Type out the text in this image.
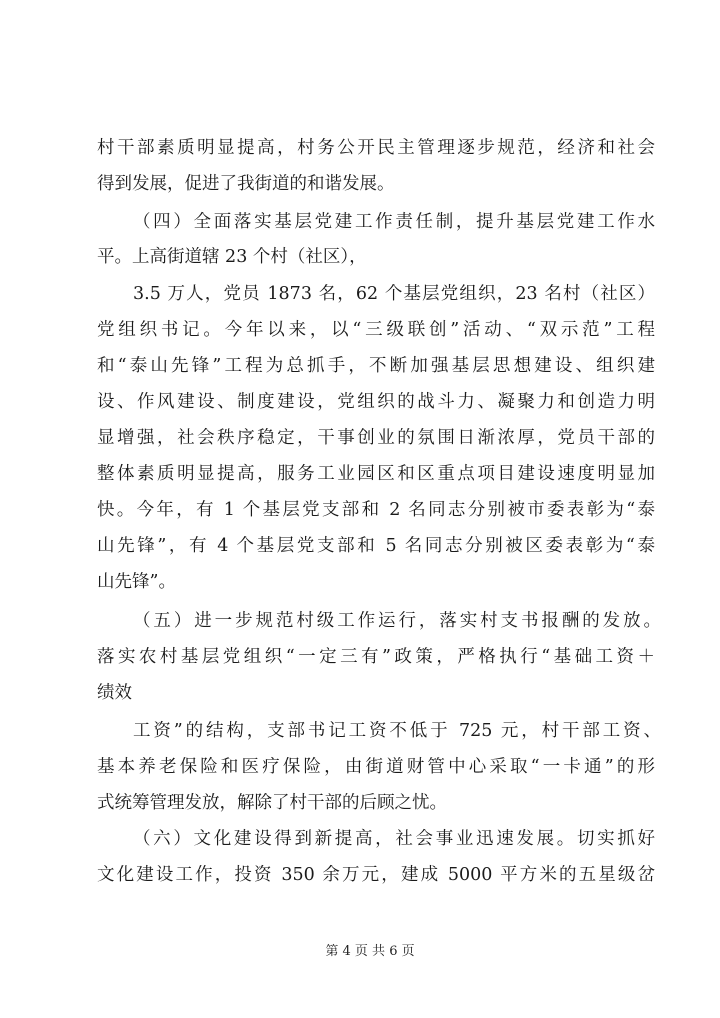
村干部素质明显提高，村务公开民主管理逐步规范，经济和社会
得到发展，促进了我街道的和谐发展。
（四）全面落实基层党建工作责任制，提升基层党建工作水
平。上高街道辖 23 个村（社区），
3.5 万人，党员 1873 名，62 个基层党组织，23 名村（社区）
党组织书记。今年以来，以“三级联创”活动、“双示范”工程
和“泰山先锋”工程为总抓手，不断加强基层思想建设、组织建
设、作风建设、制度建设，党组织的战斗力、凝聚力和创造力明
显增强，社会秩序稳定，干事创业的氛围日渐浓厚，党员干部的
整体素质明显提高，服务工业园区和区重点项目建设速度明显加
快。今年，有 1 个基层党支部和 2 名同志分别被市委表彰为“泰
山先锋”，有 4 个基层党支部和 5 名同志分别被区委表彰为“泰
山先锋”。
（五）进一步规范村级工作运行，落实村支书报酬的发放。
落实农村基层党组织“一定三有”政策，严格执行“基础工资＋
绩效
工资”的结构，支部书记工资不低于 725 元，村干部工资、
基本养老保险和医疗保险，由街道财管中心采取“一卡通”的形
式统筹管理发放，解除了村干部的后顾之忧。
（六）文化建设得到新提高，社会事业迅速发展。切实抓好
文化建设工作，投资 350 余万元，建成 5000 平方米的五星级岔
第 4 页 共 6 页
